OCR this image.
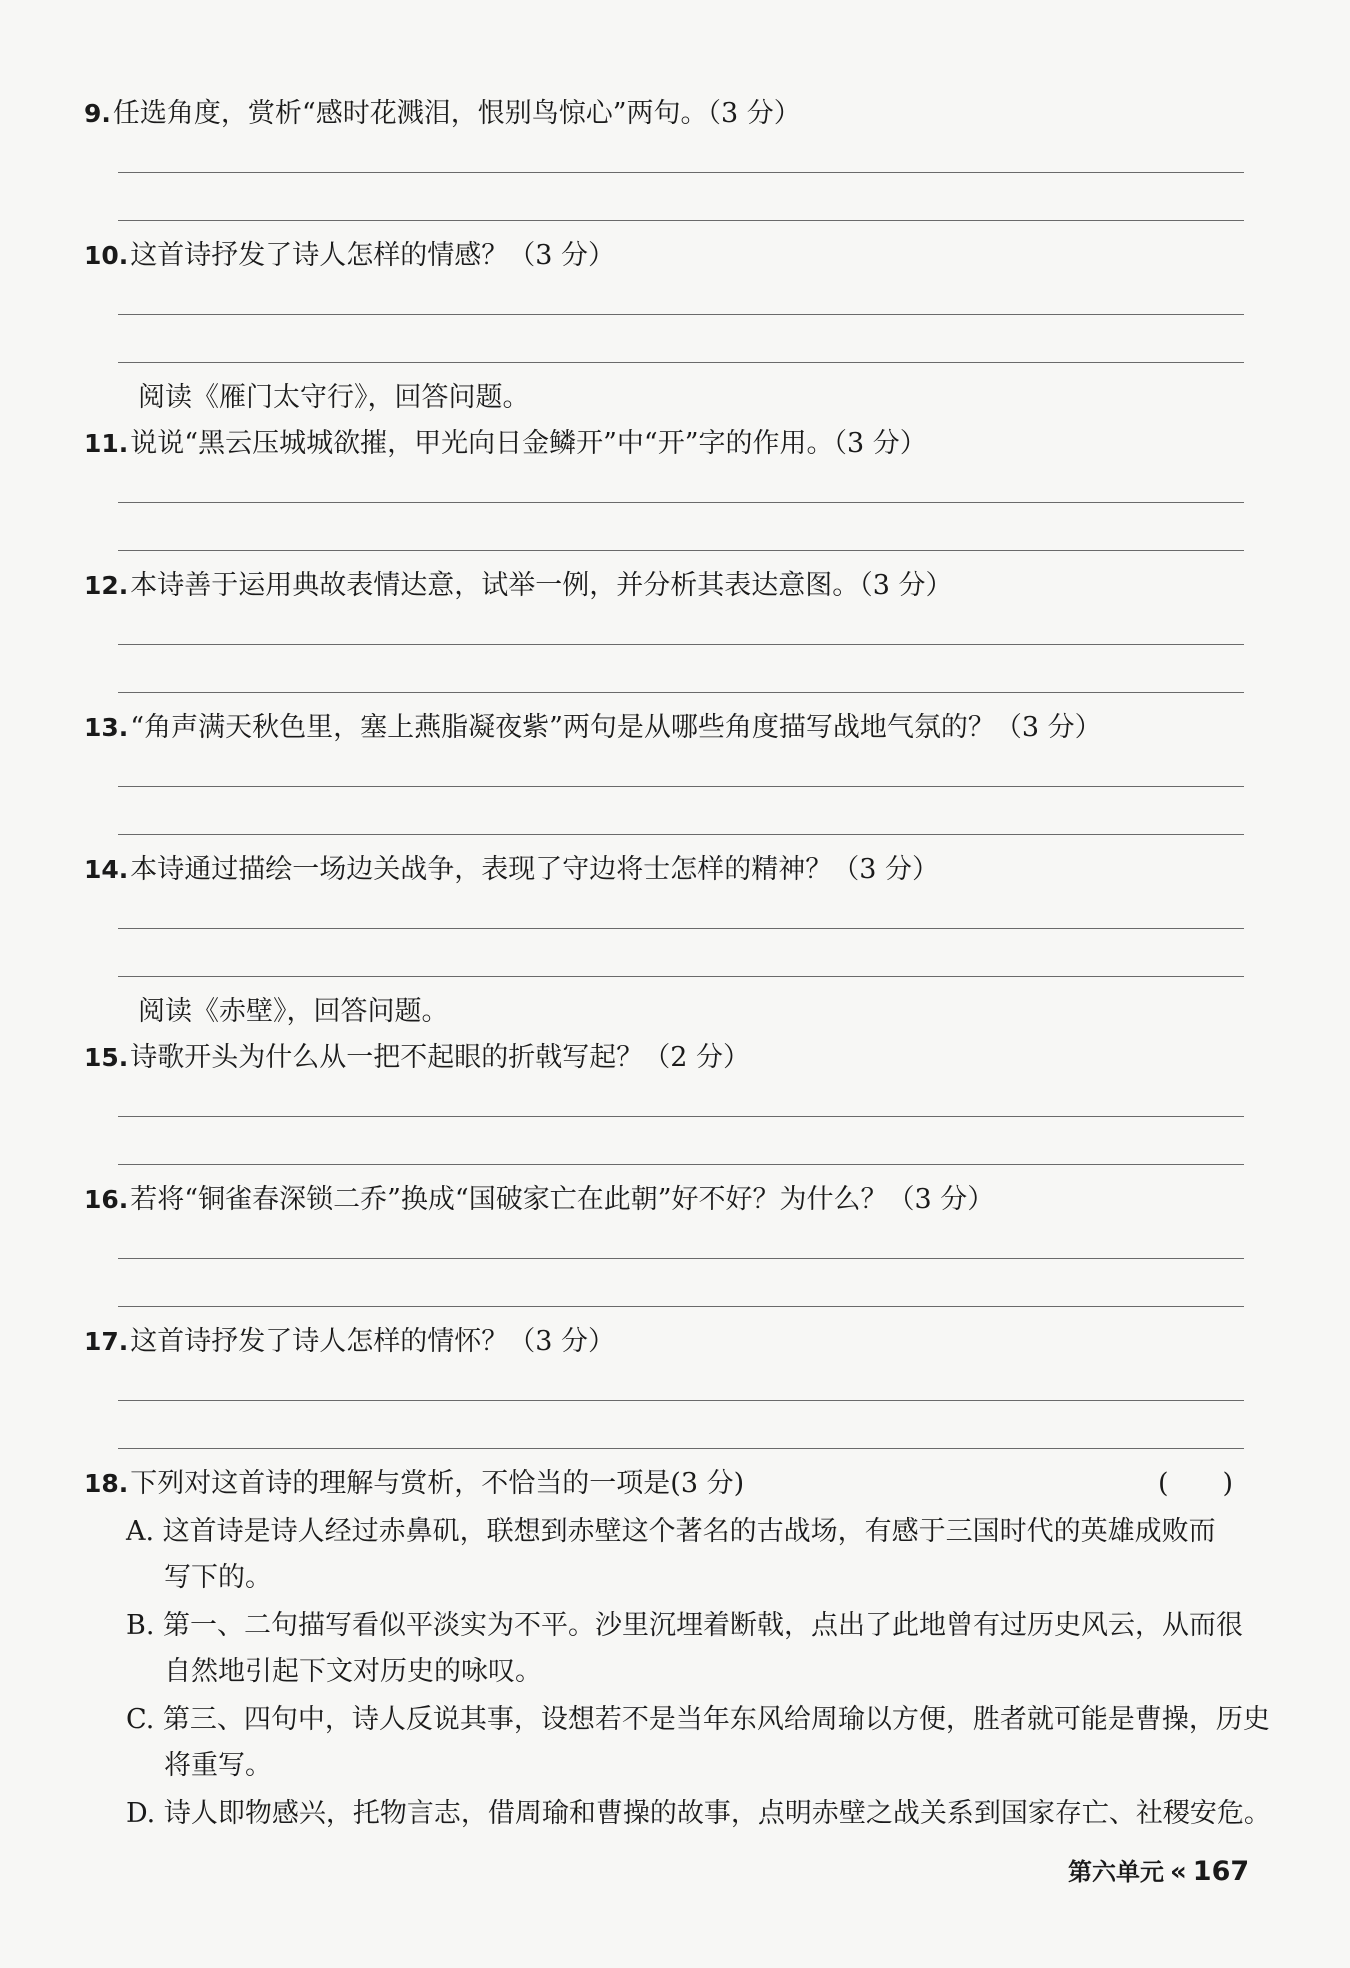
9.任选角度，赏析“感时花溅泪，恨别鸟惊心”两句。（3 分）
10.这首诗抒发了诗人怎样的情感？（3 分）
阅读《雁门太守行》，回答问题。
11.说说“黑云压城城欲摧，甲光向日金鳞开”中“开”字的作用。（3 分）
12.本诗善于运用典故表情达意，试举一例，并分析其表达意图。（3 分）
13.“角声满天秋色里，塞上燕脂凝夜紫”两句是从哪些角度描写战地气氛的？（3 分）
14.本诗通过描绘一场边关战争，表现了守边将士怎样的精神？（3 分）
阅读《赤壁》，回答问题。
15.诗歌开头为什么从一把不起眼的折戟写起？（2 分）
16.若将“铜雀春深锁二乔”换成“国破家亡在此朝”好不好？为什么？（3 分）
17.这首诗抒发了诗人怎样的情怀？（3 分）
18.下列对这首诗的理解与赏析，不恰当的一项是(3 分)	(　　)
A. 这首诗是诗人经过赤鼻矶，联想到赤壁这个著名的古战场，有感于三国时代的英雄成败而
写下的。
B. 第一、二句描写看似平淡实为不平。沙里沉埋着断戟，点出了此地曾有过历史风云，从而很
自然地引起下文对历史的咏叹。
C. 第三、四句中，诗人反说其事，设想若不是当年东风给周瑜以方便，胜者就可能是曹操，历史
将重写。
D. 诗人即物感兴，托物言志，借周瑜和曹操的故事，点明赤壁之战关系到国家存亡、社稷安危。
第六单元 « 167
